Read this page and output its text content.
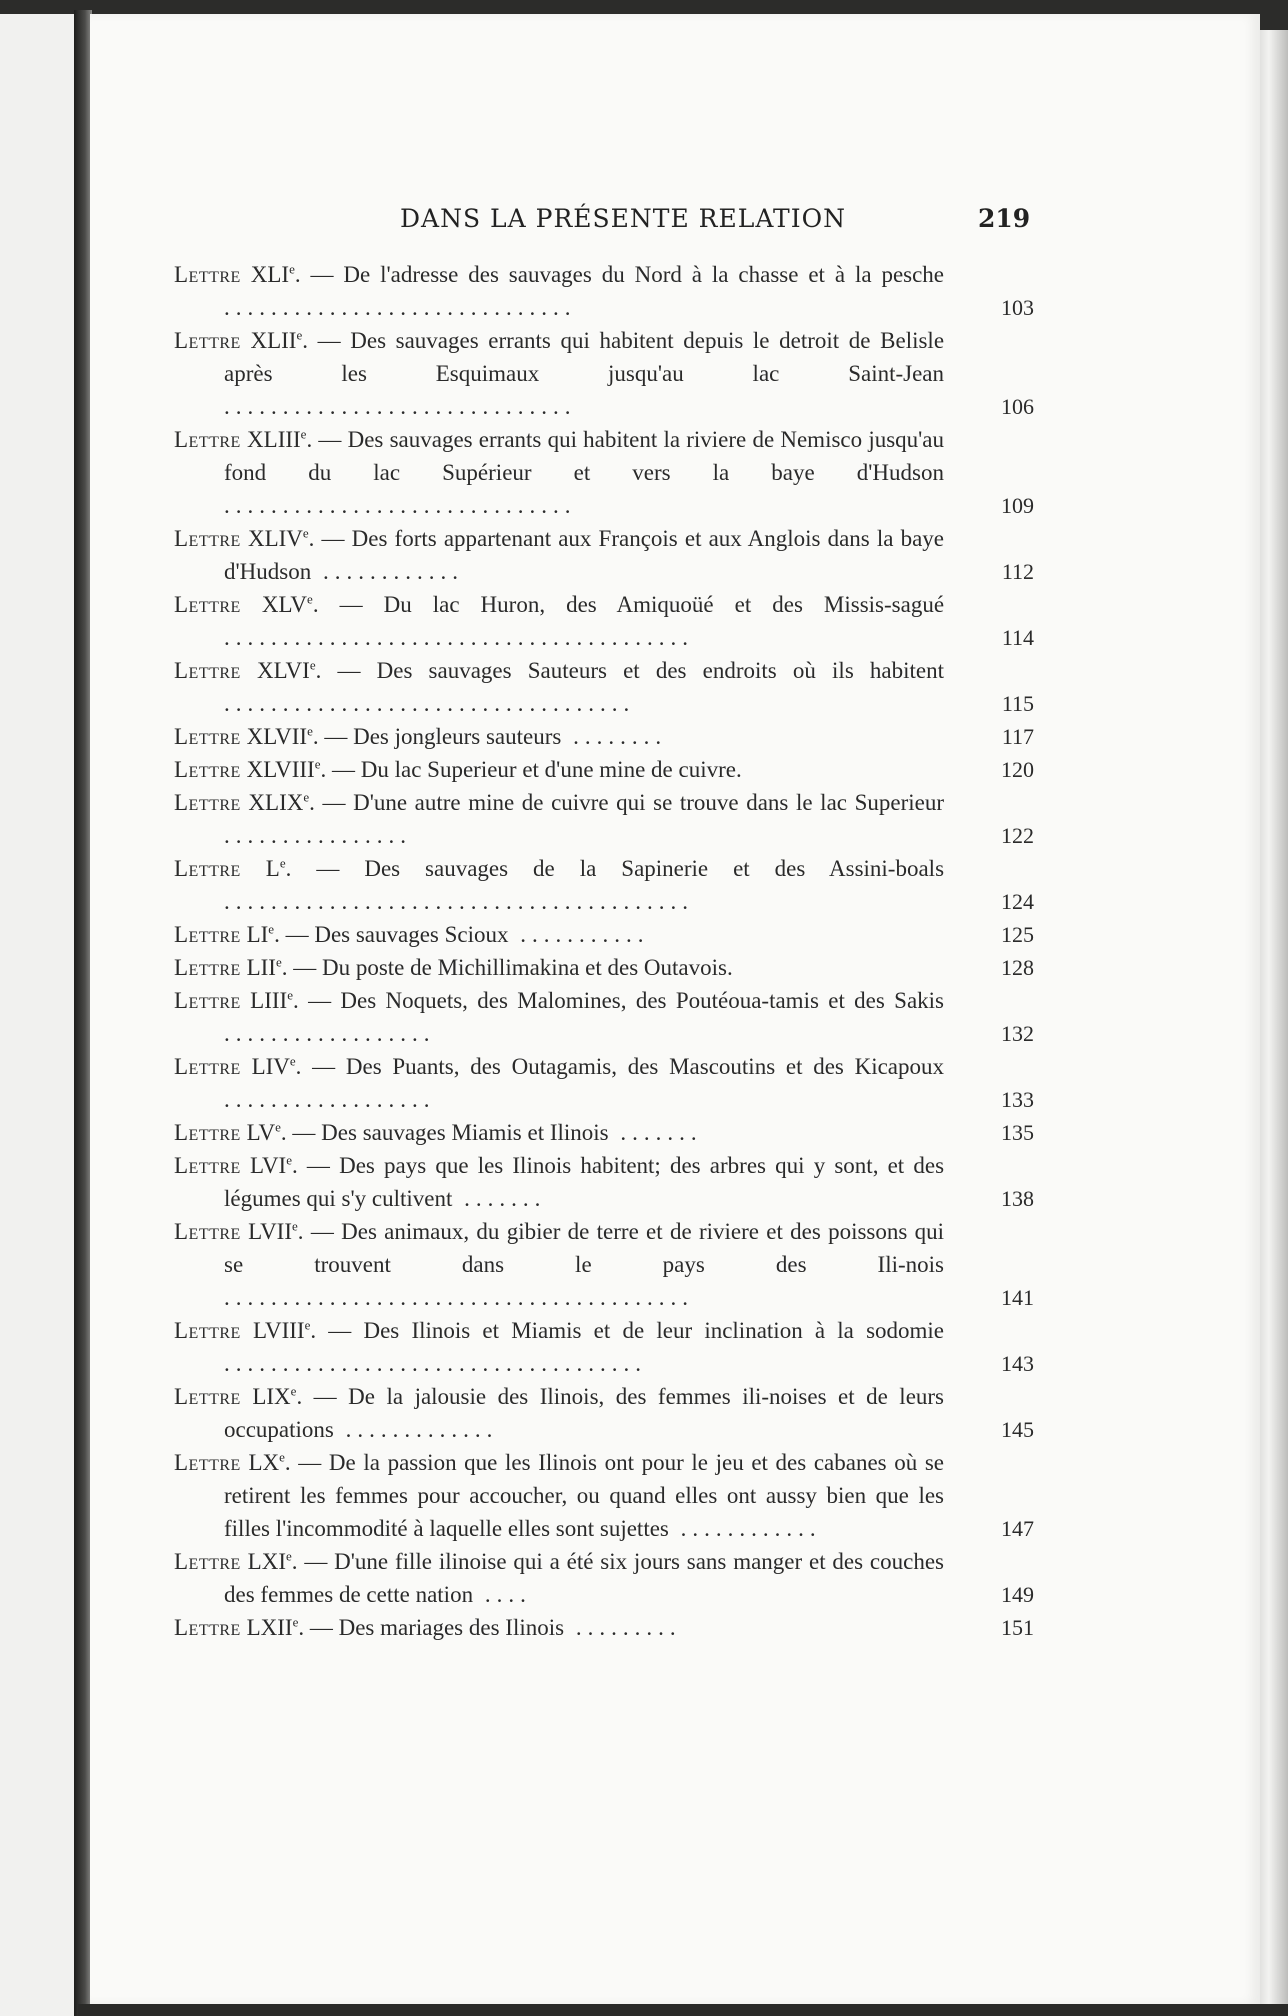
DANS LA PRÉSENTE RELATION	219
Lettre XLIe. — De l'adresse des sauvages du Nord à la chasse et à la pesche ..............................	103
Lettre XLIIe. — Des sauvages errants qui habitent depuis le detroit de Belisle après les Esquimaux jusqu'au lac Saint-Jean ..............................	106
Lettre XLIIIe. — Des sauvages errants qui habitent la riviere de Nemisco jusqu'au fond du lac Supérieur et vers la baye d'Hudson ..............................	109
Lettre XLIVe. — Des forts appartenant aux François et aux Anglois dans la baye d'Hudson ............	112
Lettre XLVe. — Du lac Huron, des Amiquoüé et des Missis-sagué ........................................	114
Lettre XLVIe. — Des sauvages Sauteurs et des endroits où ils habitent ...................................	115
Lettre XLVIIe. — Des jongleurs sauteurs ........	117
Lettre XLVIIIe. — Du lac Superieur et d'une mine de cuivre.	120
Lettre XLIXe. — D'une autre mine de cuivre qui se trouve dans le lac Superieur ................	122
Lettre Le. — Des sauvages de la Sapinerie et des Assini-boals ........................................	124
Lettre LIe. — Des sauvages Scioux ...........	125
Lettre LIIe. — Du poste de Michillimakina et des Outavois.	128
Lettre LIIIe. — Des Noquets, des Malomines, des Poutéoua-tamis et des Sakis ..................	132
Lettre LIVe. — Des Puants, des Outagamis, des Mascoutins et des Kicapoux ..................	133
Lettre LVe. — Des sauvages Miamis et Ilinois .......	135
Lettre LVIe. — Des pays que les Ilinois habitent; des arbres qui y sont, et des légumes qui s'y cultivent .......	138
Lettre LVIIe. — Des animaux, du gibier de terre et de riviere et des poissons qui se trouvent dans le pays des Ili-nois ........................................	141
Lettre LVIIIe. — Des Ilinois et Miamis et de leur inclination à la sodomie ....................................	143
Lettre LIXe. — De la jalousie des Ilinois, des femmes ili-noises et de leurs occupations .............	145
Lettre LXe. — De la passion que les Ilinois ont pour le jeu et des cabanes où se retirent les femmes pour accoucher, ou quand elles ont aussy bien que les filles l'incommodité à laquelle elles sont sujettes ............	147
Lettre LXIe. — D'une fille ilinoise qui a été six jours sans manger et des couches des femmes de cette nation ....	149
Lettre LXIIe. — Des mariages des Ilinois .........	151
